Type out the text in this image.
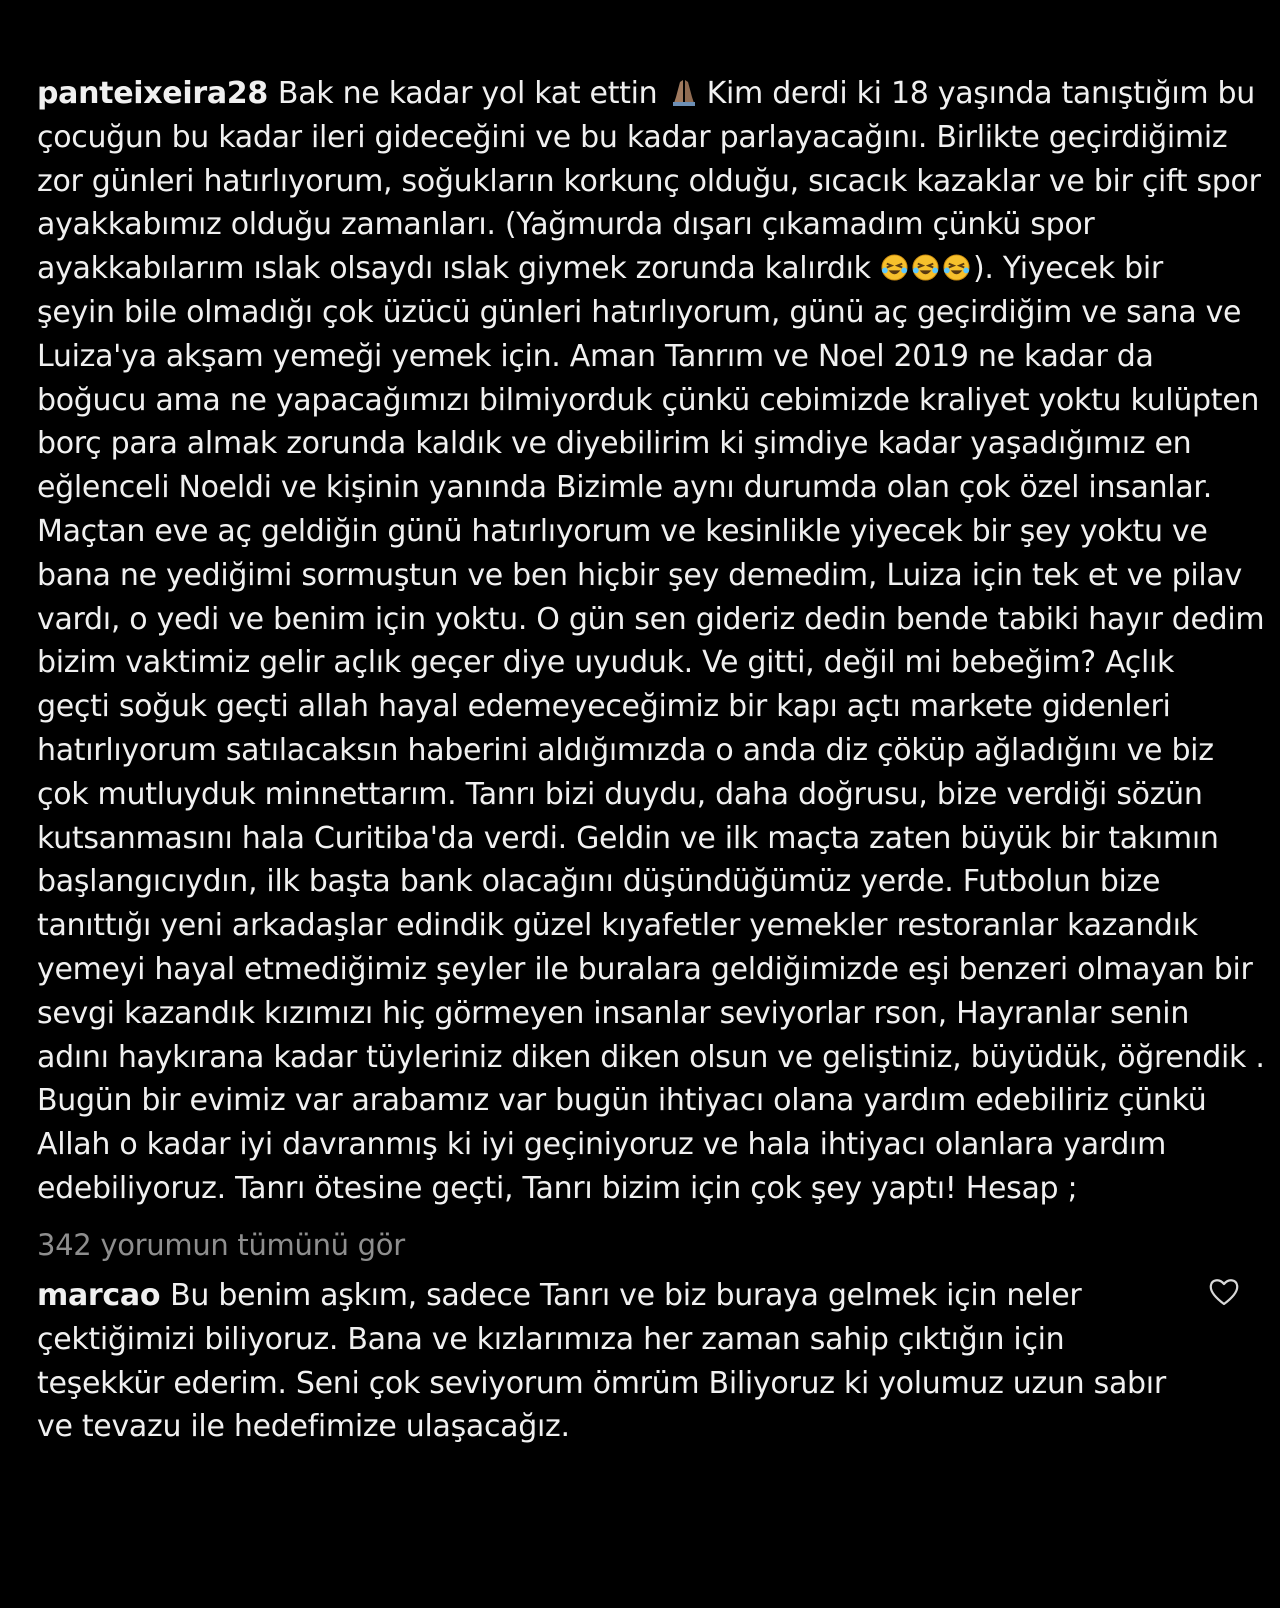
panteixeira28 Bak ne kadar yol kat ettin Kim derdi ki 18 yaşında tanıştığım bu
çocuğun bu kadar ileri gideceğini ve bu kadar parlayacağını. Birlikte geçirdiğimiz
zor günleri hatırlıyorum, soğukların korkunç olduğu, sıcacık kazaklar ve bir çift spor
ayakkabımız olduğu zamanları. (Yağmurda dışarı çıkamadım çünkü spor
ayakkabılarım ıslak olsaydı ıslak giymek zorunda kalırdık	). Yiyecek bir
şeyin bile olmadığı çok üzücü günleri hatırlıyorum, günü aç geçirdiğim ve sana ve
Luiza'ya akşam yemeği yemek için. Aman Tanrım ve Noel 2019 ne kadar da
boğucu ama ne yapacağımızı bilmiyorduk çünkü cebimizde kraliyet yoktu kulüpten
borç para almak zorunda kaldık ve diyebilirim ki şimdiye kadar yaşadığımız en
eğlenceli Noeldi ve kişinin yanında Bizimle aynı durumda olan çok özel insanlar.
Maçtan eve aç geldiğin günü hatırlıyorum ve kesinlikle yiyecek bir şey yoktu ve
bana ne yediğimi sormuştun ve ben hiçbir şey demedim, Luiza için tek et ve pilav
vardı, o yedi ve benim için yoktu. O gün sen gideriz dedin bende tabiki hayır dedim
bizim vaktimiz gelir açlık geçer diye uyuduk. Ve gitti, değil mi bebeğim? Açlık
geçti soğuk geçti allah hayal edemeyeceğimiz bir kapı açtı markete gidenleri
hatırlıyorum satılacaksın haberini aldığımızda o anda diz çöküp ağladığını ve biz
çok mutluyduk minnettarım. Tanrı bizi duydu, daha doğrusu, bize verdiği sözün
kutsanmasını hala Curitiba'da verdi. Geldin ve ilk maçta zaten büyük bir takımın
başlangıcıydın, ilk başta bank olacağını düşündüğümüz yerde. Futbolun bize
tanıttığı yeni arkadaşlar edindik güzel kıyafetler yemekler restoranlar kazandık
yemeyi hayal etmediğimiz şeyler ile buralara geldiğimizde eşi benzeri olmayan bir
sevgi kazandık kızımızı hiç görmeyen insanlar seviyorlar rson, Hayranlar senin
adını haykırana kadar tüyleriniz diken diken olsun ve geliştiniz, büyüdük, öğrendik .
Bugün bir evimiz var arabamız var bugün ihtiyacı olana yardım edebiliriz çünkü
Allah o kadar iyi davranmış ki iyi geçiniyoruz ve hala ihtiyacı olanlara yardım
edebiliyoruz. Tanrı ötesine geçti, Tanrı bizim için çok şey yaptı! Hesap ;
342 yorumun tümünü gör
marcao Bu benim aşkım, sadece Tanrı ve biz buraya gelmek için neler
çektiğimizi biliyoruz. Bana ve kızlarımıza her zaman sahip çıktığın için
teşekkür ederim. Seni çok seviyorum ömrüm Biliyoruz ki yolumuz uzun sabır
ve tevazu ile hedefimize ulaşacağız.
